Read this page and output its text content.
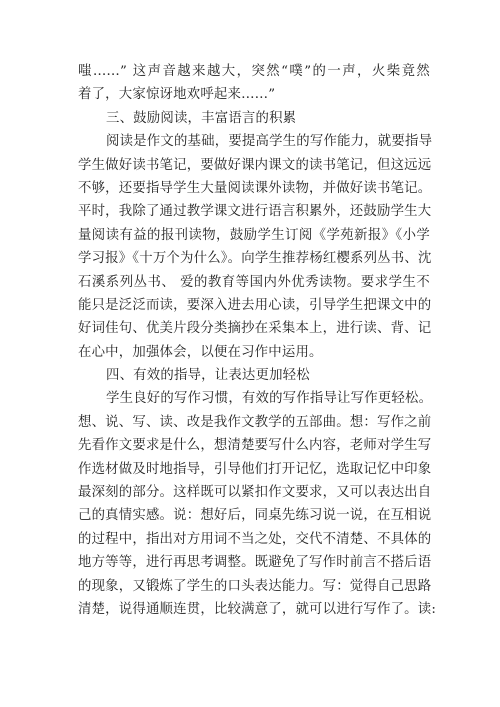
嗤……” 这声音越来越大，突然“噗”的一声，火柴竟然
着了，大家惊讶地欢呼起来……”
三、鼓励阅读，丰富语言的积累
阅读是作文的基础，要提高学生的写作能力，就要指导
学生做好读书笔记，要做好课内课文的读书笔记，但这远远
不够，还要指导学生大量阅读课外读物，并做好读书笔记。
平时，我除了通过教学课文进行语言积累外，还鼓励学生大
量阅读有益的报刊读物，鼓励学生订阅《学苑新报》《小学
学习报》《十万个为什么》。向学生推荐杨红樱系列丛书、沈
石溪系列丛书、 爱的教育等国内外优秀读物。要求学生不
能只是泛泛而读，要深入进去用心读，引导学生把课文中的
好词佳句、优美片段分类摘抄在采集本上，进行读、背、记
在心中，加强体会，以便在习作中运用。
四、有效的指导，让表达更加轻松
学生良好的写作习惯，有效的写作指导让写作更轻松。
想、说、写、读、改是我作文教学的五部曲。想：写作之前
先看作文要求是什么，想清楚要写什么内容，老师对学生写
作选材做及时地指导，引导他们打开记忆，选取记忆中印象
最深刻的部分。这样既可以紧扣作文要求，又可以表达出自
己的真情实感。说：想好后，同桌先练习说一说，在互相说
的过程中，指出对方用词不当之处，交代不清楚、不具体的
地方等等，进行再思考调整。既避免了写作时前言不搭后语
的现象，又锻炼了学生的口头表达能力。写：觉得自己思路
清楚，说得通顺连贯，比较满意了，就可以进行写作了。读:
